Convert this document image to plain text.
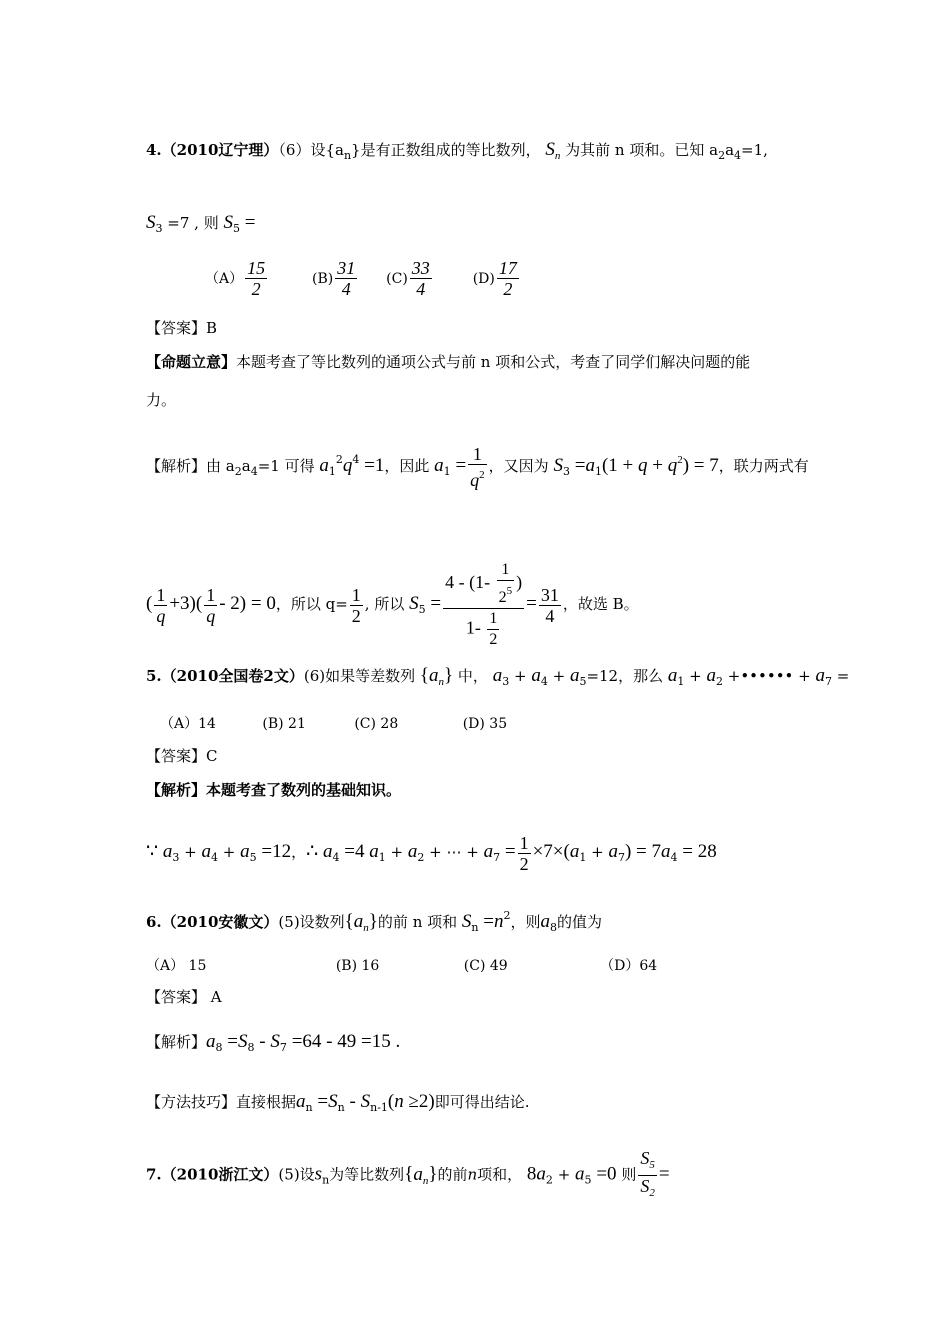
4.（2010辽宁理）（6）设$\{a_n\}$是有正数组成的等比数列， $S_n$ 为其前 n 项和。已知 $a_2a_4=1$,
$S_3 =7$ , 则 $S_5$ =
$(A) \frac{15}{2}$	$(B) \frac{31}{4} (C) \frac{33}{4}$	$(D) \frac{17}{2}$
【答案】B
【命题立意】本题考查了等比数列的通项公式与前 n 项和公式，考查了同学们解决问题的能
力。
【解析】由 $a_2a_4=1$ 可得 $a_1^2q^4 =1$，因此 $a_1 = \frac{1}{q^2}$ ，又因为 $S_3 =a_1(1 + q + q^2) = 7$，联力两式有
( $\frac{1}{q} +3)( \frac{1}{q} - 2) = 0$，所以 $q= \frac{1}{2}$ , 所以 $S_5 = \frac{4 - (1- \frac{1}{2^5} )}{1- \frac{1}{2}} = \frac{31}{4}$ ，故选 B。
5.（2010全国卷2文）(6)如果等差数列 $\{a_n\}$ 中， $a_3 + a_4 + a_5=12$，那么 $a_1 + a_2$ +•••••• + $a_7$ =
（A）14	(B) 21	(C) 28	(D) 35
【答案】C
【解析】本题考查了数列的基础知识。
∵ $a_3 + a_4 + a_5 =12$，∴ $a_4 =4$ $a_1 + a_2$ + ⋯ + $a_7 = \frac{1}{2} \times 7\times(a_1 + a_7) = 7a_4 = 28$
6.（2010安徽文）(5)设数列$\{a_n\}$的前 n 项和 $S_n =n^2$，则$a_8$的值为
（A） 15	(B) 16	(C) 49	（D）64
【答案】 A
【解析】$a_8 =S_8 - S_7 =64 - 49 =15$ .
【方法技巧】直接根据$a_n =S_n - S_{n-1}(n \ge 2)$即可得出结论.
7.（2010浙江文）(5)设$s_n$为等比数列$\{a_n\}$的前n项和， $8a_2 + a_5 =0$ 则 $\frac{S_5}{S_2}$ =
